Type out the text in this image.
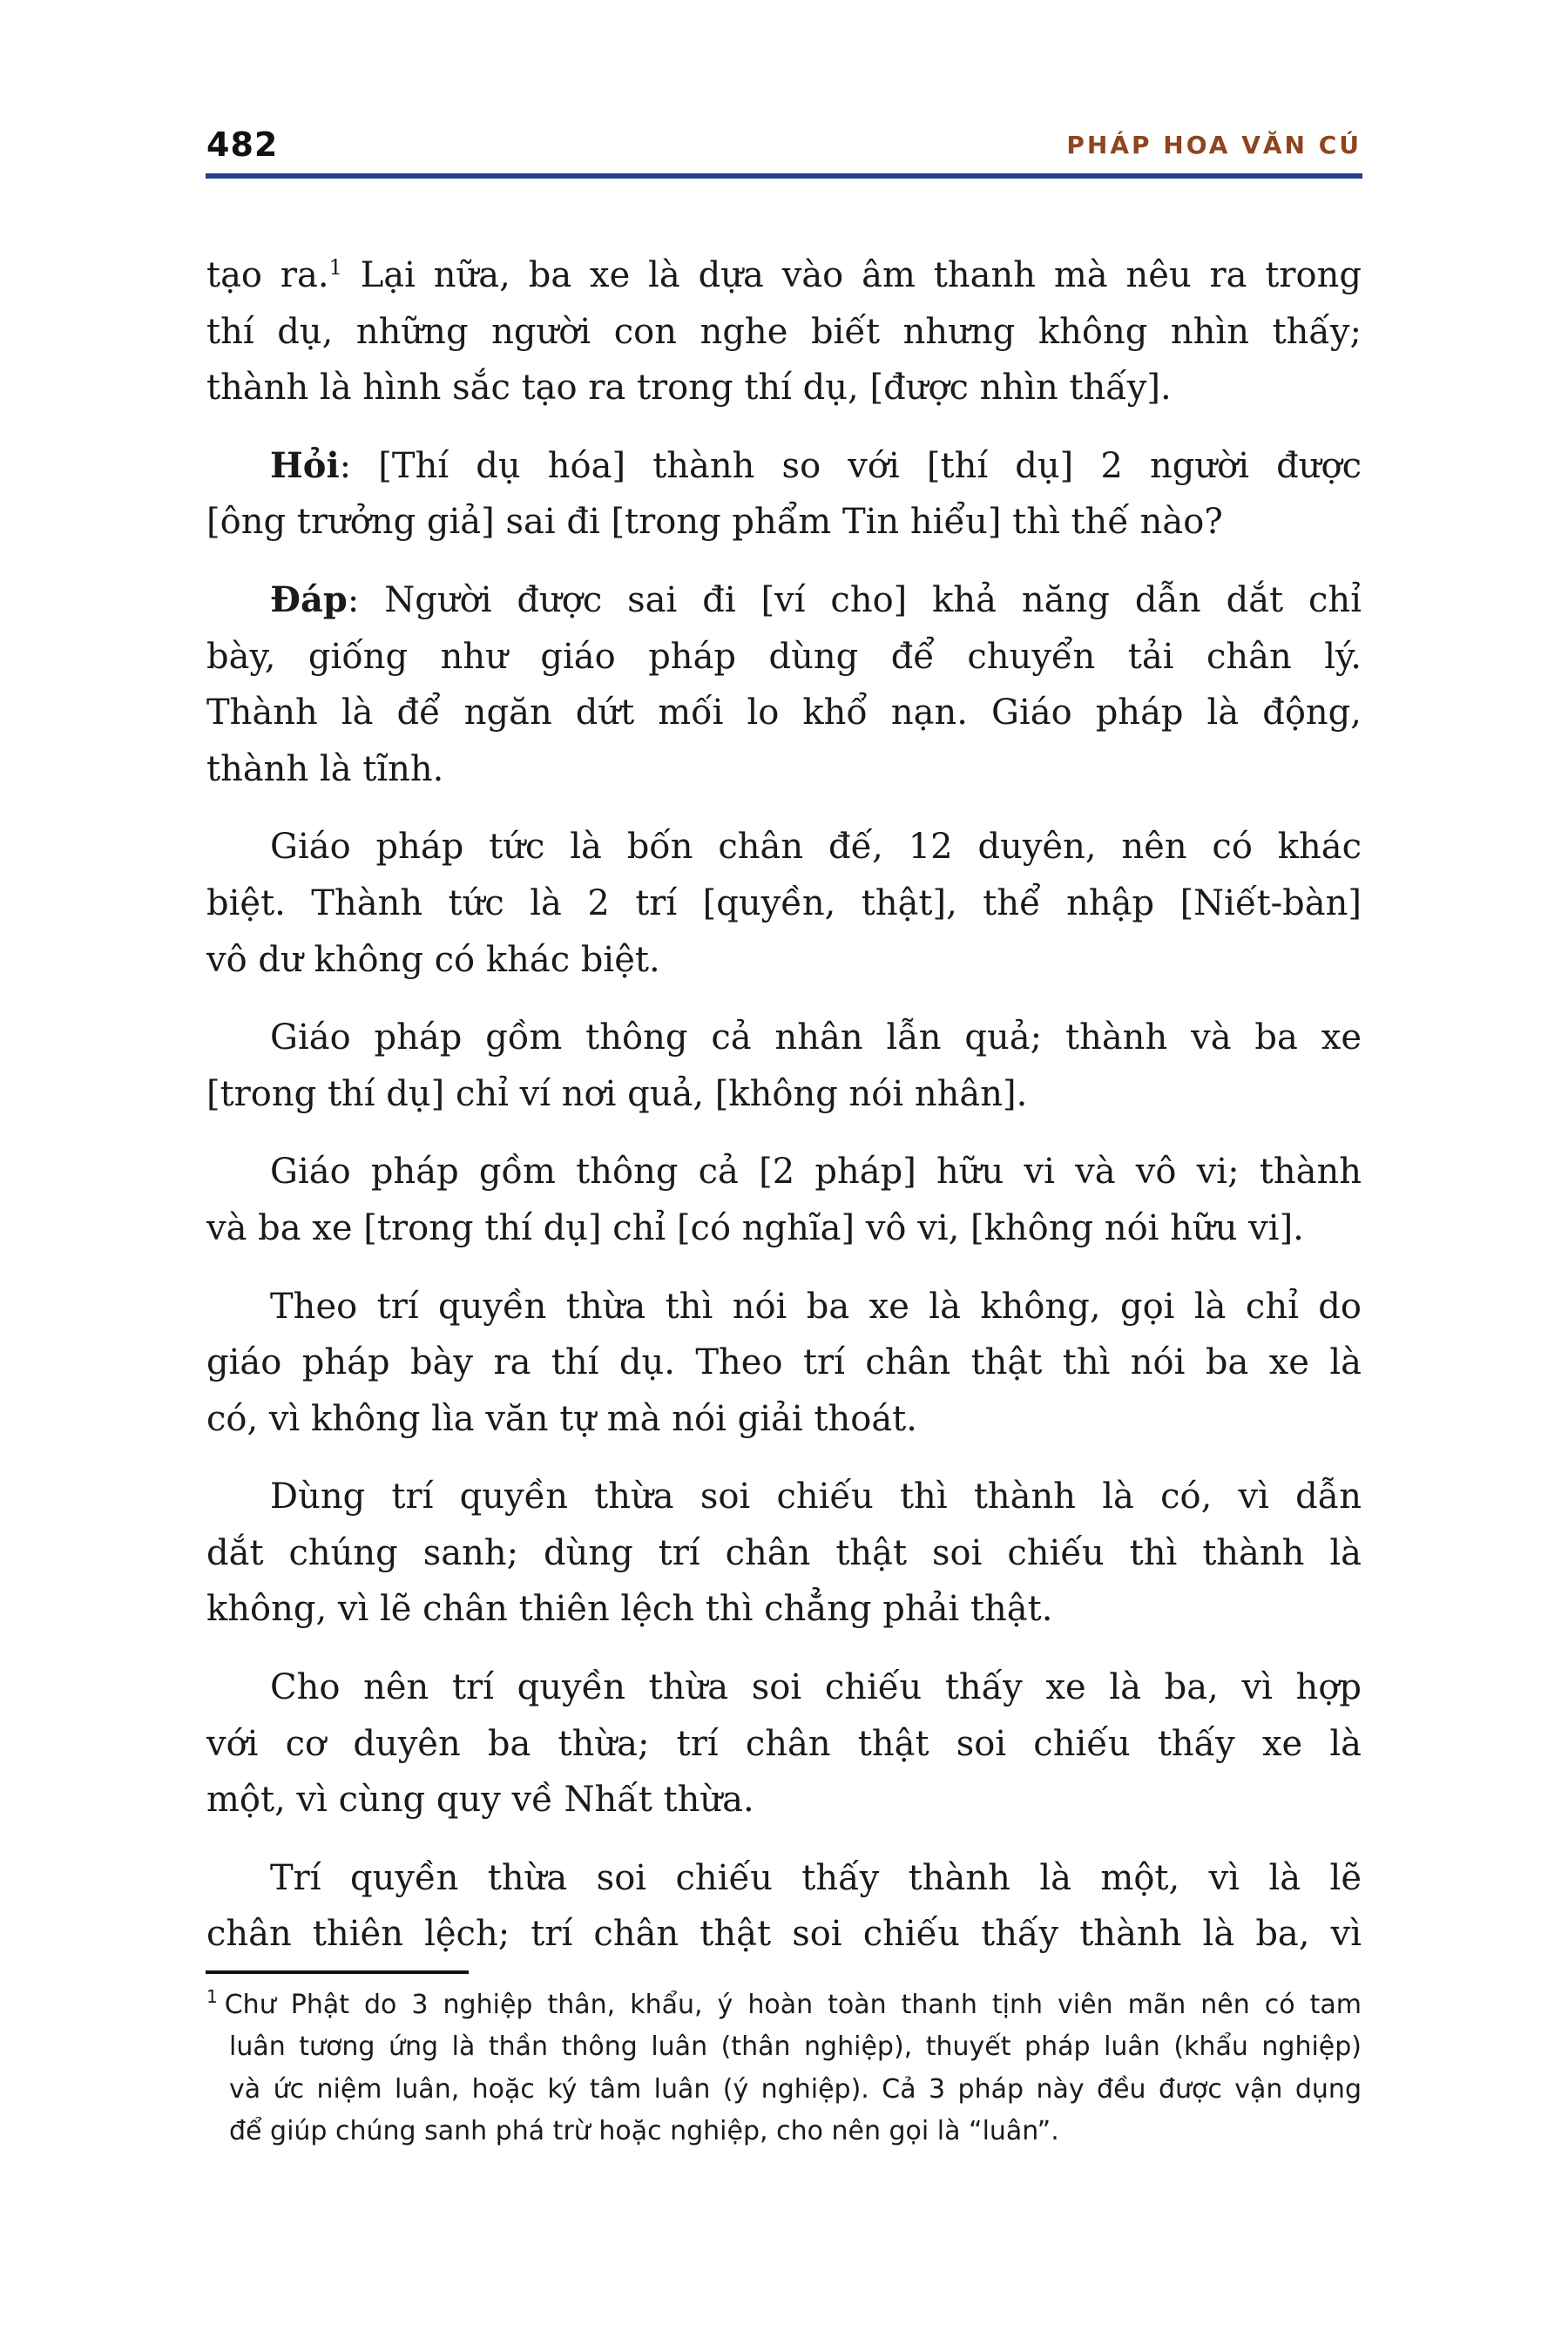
482	PHÁP HOA VĂN CÚ
tạo ra.$^1$ Lại nữa, ba xe là dựa vào âm thanh mà nêu ra trong
thí dụ, những người con nghe biết nhưng không nhìn thấy;
thành là hình sắc tạo ra trong thí dụ, [được nhìn thấy].
Hỏi: [Thí dụ hóa] thành so với [thí dụ] 2 người được
[ông trưởng giả] sai đi [trong phẩm Tin hiểu] thì thế nào?
Đáp: Người được sai đi [ví cho] khả năng dẫn dắt chỉ
bày, giống như giáo pháp dùng để chuyển tải chân lý.
Thành là để ngăn dứt mối lo khổ nạn. Giáo pháp là động,
thành là tĩnh.
Giáo pháp tức là bốn chân đế, 12 duyên, nên có khác
biệt. Thành tức là 2 trí [quyền, thật], thể nhập [Niết-bàn]
vô dư không có khác biệt.
Giáo pháp gồm thông cả nhân lẫn quả; thành và ba xe
[trong thí dụ] chỉ ví nơi quả, [không nói nhân].
Giáo pháp gồm thông cả [2 pháp] hữu vi và vô vi; thành
và ba xe [trong thí dụ] chỉ [có nghĩa] vô vi, [không nói hữu vi].
Theo trí quyền thừa thì nói ba xe là không, gọi là chỉ do
giáo pháp bày ra thí dụ. Theo trí chân thật thì nói ba xe là
có, vì không lìa văn tự mà nói giải thoát.
Dùng trí quyền thừa soi chiếu thì thành là có, vì dẫn
dắt chúng sanh; dùng trí chân thật soi chiếu thì thành là
không, vì lẽ chân thiên lệch thì chẳng phải thật.
Cho nên trí quyền thừa soi chiếu thấy xe là ba, vì hợp
với cơ duyên ba thừa; trí chân thật soi chiếu thấy xe là
một, vì cùng quy về Nhất thừa.
Trí quyền thừa soi chiếu thấy thành là một, vì là lẽ
chân thiên lệch; trí chân thật soi chiếu thấy thành là ba, vì
$^1$ Chư Phật do 3 nghiệp thân, khẩu, ý hoàn toàn thanh tịnh viên mãn nên có tam
luân tương ứng là thần thông luân (thân nghiệp), thuyết pháp luân (khẩu nghiệp)
và ức niệm luân, hoặc ký tâm luân (ý nghiệp). Cả 3 pháp này đều được vận dụng
để giúp chúng sanh phá trừ hoặc nghiệp, cho nên gọi là “luân”.
